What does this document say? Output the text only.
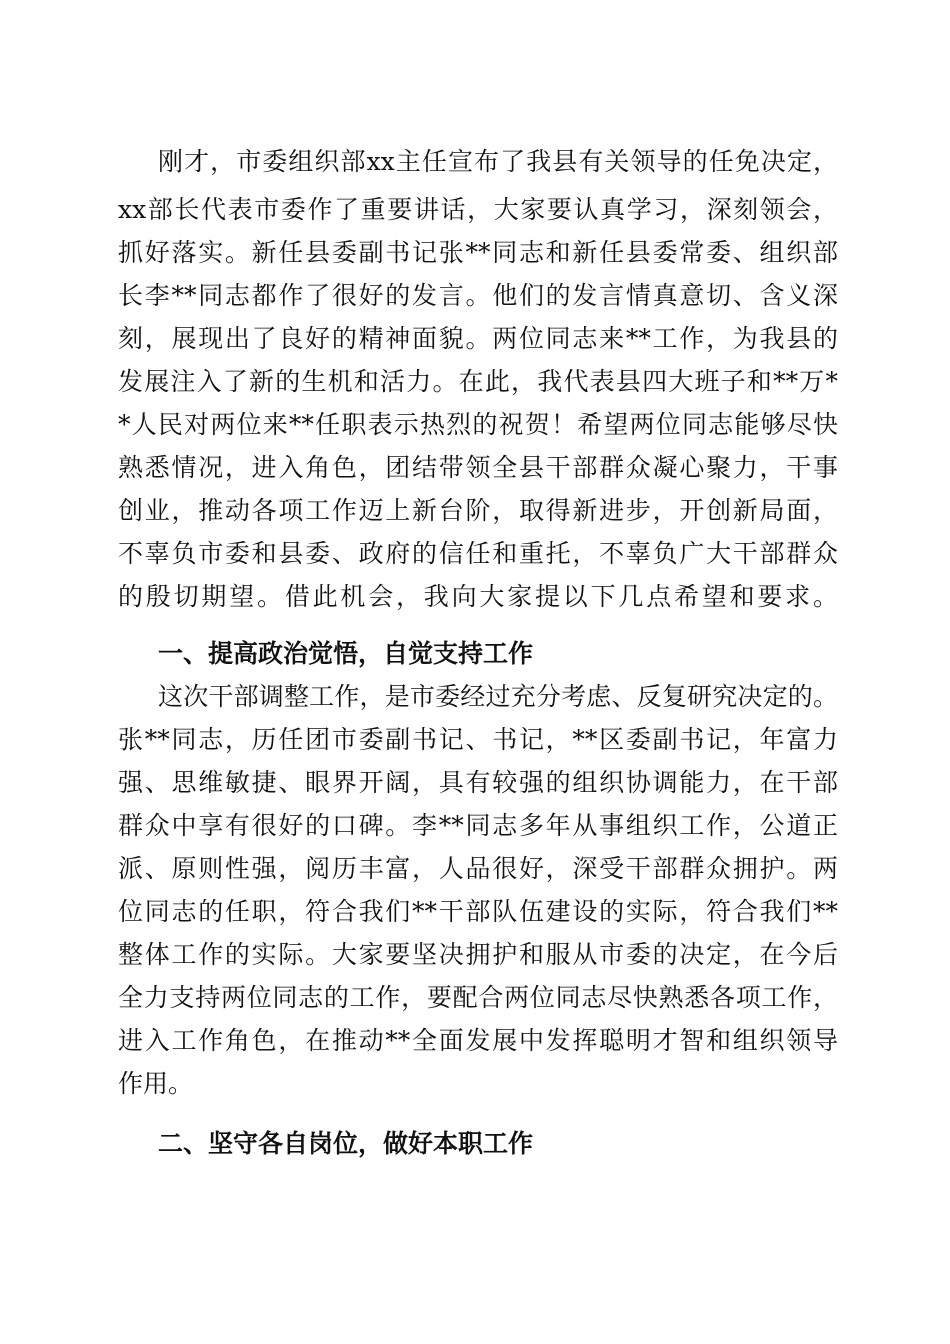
刚才，市委组织部xx主任宣布了我县有关领导的任免决定，
xx部长代表市委作了重要讲话，大家要认真学习，深刻领会，
抓好落实。新任县委副书记张**同志和新任县委常委、组织部
长李**同志都作了很好的发言。他们的发言情真意切、含义深
刻，展现出了良好的精神面貌。两位同志来**工作，为我县的
发展注入了新的生机和活力。在此，我代表县四大班子和**万*
*人民对两位来**任职表示热烈的祝贺！希望两位同志能够尽快
熟悉情况，进入角色，团结带领全县干部群众凝心聚力，干事
创业，推动各项工作迈上新台阶，取得新进步，开创新局面，
不辜负市委和县委、政府的信任和重托，不辜负广大干部群众
的殷切期望。借此机会，我向大家提以下几点希望和要求。
一、提高政治觉悟，自觉支持工作
这次干部调整工作，是市委经过充分考虑、反复研究决定的。
张**同志，历任团市委副书记、书记，**区委副书记，年富力
强、思维敏捷、眼界开阔，具有较强的组织协调能力，在干部
群众中享有很好的口碑。李**同志多年从事组织工作，公道正
派、原则性强，阅历丰富，人品很好，深受干部群众拥护。两
位同志的任职，符合我们**干部队伍建设的实际，符合我们**
整体工作的实际。大家要坚决拥护和服从市委的决定，在今后
全力支持两位同志的工作，要配合两位同志尽快熟悉各项工作，
进入工作角色，在推动**全面发展中发挥聪明才智和组织领导
作用。
二、坚守各自岗位，做好本职工作
